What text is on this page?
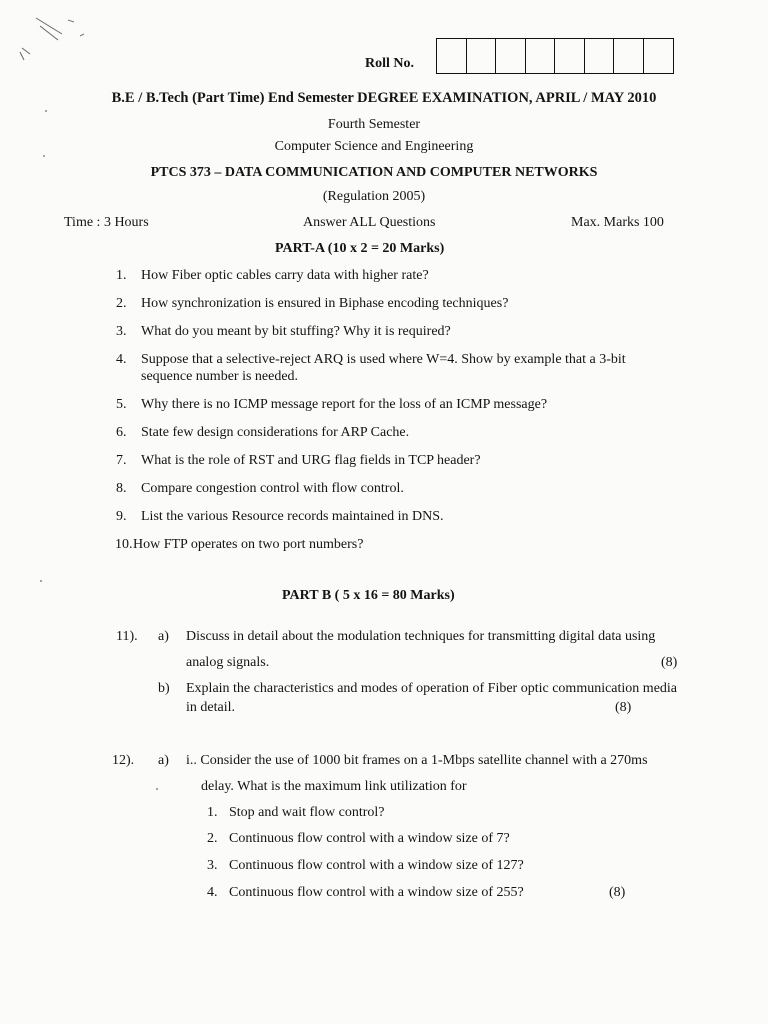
Roll No.
B.E / B.Tech (Part Time) End Semester DEGREE EXAMINATION, APRIL / MAY 2010
Fourth Semester
Computer Science and Engineering
PTCS 373 – DATA COMMUNICATION AND COMPUTER NETWORKS
(Regulation 2005)
Time : 3 Hours	Answer ALL Questions	Max. Marks 100
PART-A (10 x 2 = 20 Marks)
1. How Fiber optic cables carry data with higher rate?
2. How synchronization is ensured in Biphase encoding techniques?
3. What do you meant by bit stuffing? Why it is required?
4. Suppose that a selective-reject ARQ is used where W=4. Show by example that a 3-bit
sequence number is needed.
5. Why there is no ICMP message report for the loss of an ICMP message?
6. State few design considerations for ARP Cache.
7. What is the role of RST and URG flag fields in TCP header?
8. Compare congestion control with flow control.
9. List the various Resource records maintained in DNS.
10. How FTP operates on two port numbers?
PART B ( 5 x 16 = 80 Marks)
11). a) Discuss in detail about the modulation techniques for transmitting digital data using
analog signals.	(8)
b) Explain the characteristics and modes of operation of Fiber optic communication media
in detail.	(8)
12). a) i.. Consider the use of 1000 bit frames on a 1-Mbps satellite channel with a 270ms
delay. What is the maximum link utilization for
1. Stop and wait flow control?
2. Continuous flow control with a window size of 7?
3. Continuous flow control with a window size of 127?
4. Continuous flow control with a window size of 255?	(8)
